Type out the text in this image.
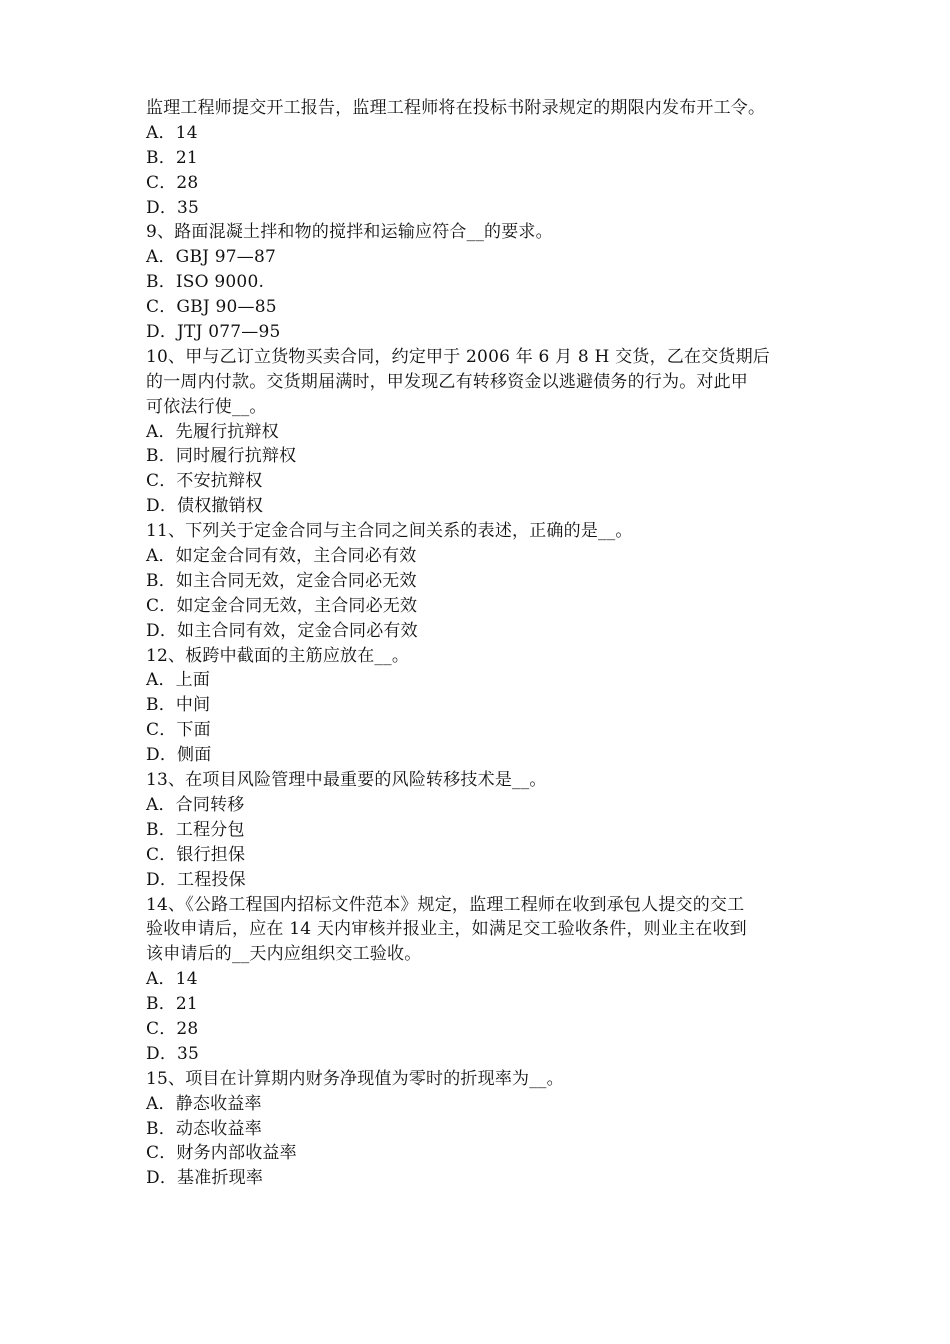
监理工程师提交开工报告，监理工程师将在投标书附录规定的期限内发布开工令。
A．14
B．21
C．28
D．35
9、路面混凝土拌和物的搅拌和运输应符合__的要求。
A．GBJ 97—87
B．ISO 9000.
C．GBJ 90—85
D．JTJ 077—95
10、甲与乙订立货物买卖合同，约定甲于 2006 年 6 月 8 H 交货，乙在交货期后
的一周内付款。交货期届满时，甲发现乙有转移资金以逃避债务的行为。对此甲
可依法行使__。
A．先履行抗辩权
B．同时履行抗辩权
C．不安抗辩权
D．债权撤销权
11、下列关于定金合同与主合同之间关系的表述，正确的是__。
A．如定金合同有效，主合同必有效
B．如主合同无效，定金合同必无效
C．如定金合同无效，主合同必无效
D．如主合同有效，定金合同必有效
12、板跨中截面的主筋应放在__。
A．上面
B．中间
C．下面
D．侧面
13、在项目风险管理中最重要的风险转移技术是__。
A．合同转移
B．工程分包
C．银行担保
D．工程投保
14、《公路工程国内招标文件范本》规定，监理工程师在收到承包人提交的交工
验收申请后，应在 14 天内审核并报业主，如满足交工验收条件，则业主在收到
该申请后的__天内应组织交工验收。
A．14
B．21
C．28
D．35
15、项目在计算期内财务净现值为零时的折现率为__。
A．静态收益率
B．动态收益率
C．财务内部收益率
D．基准折现率
